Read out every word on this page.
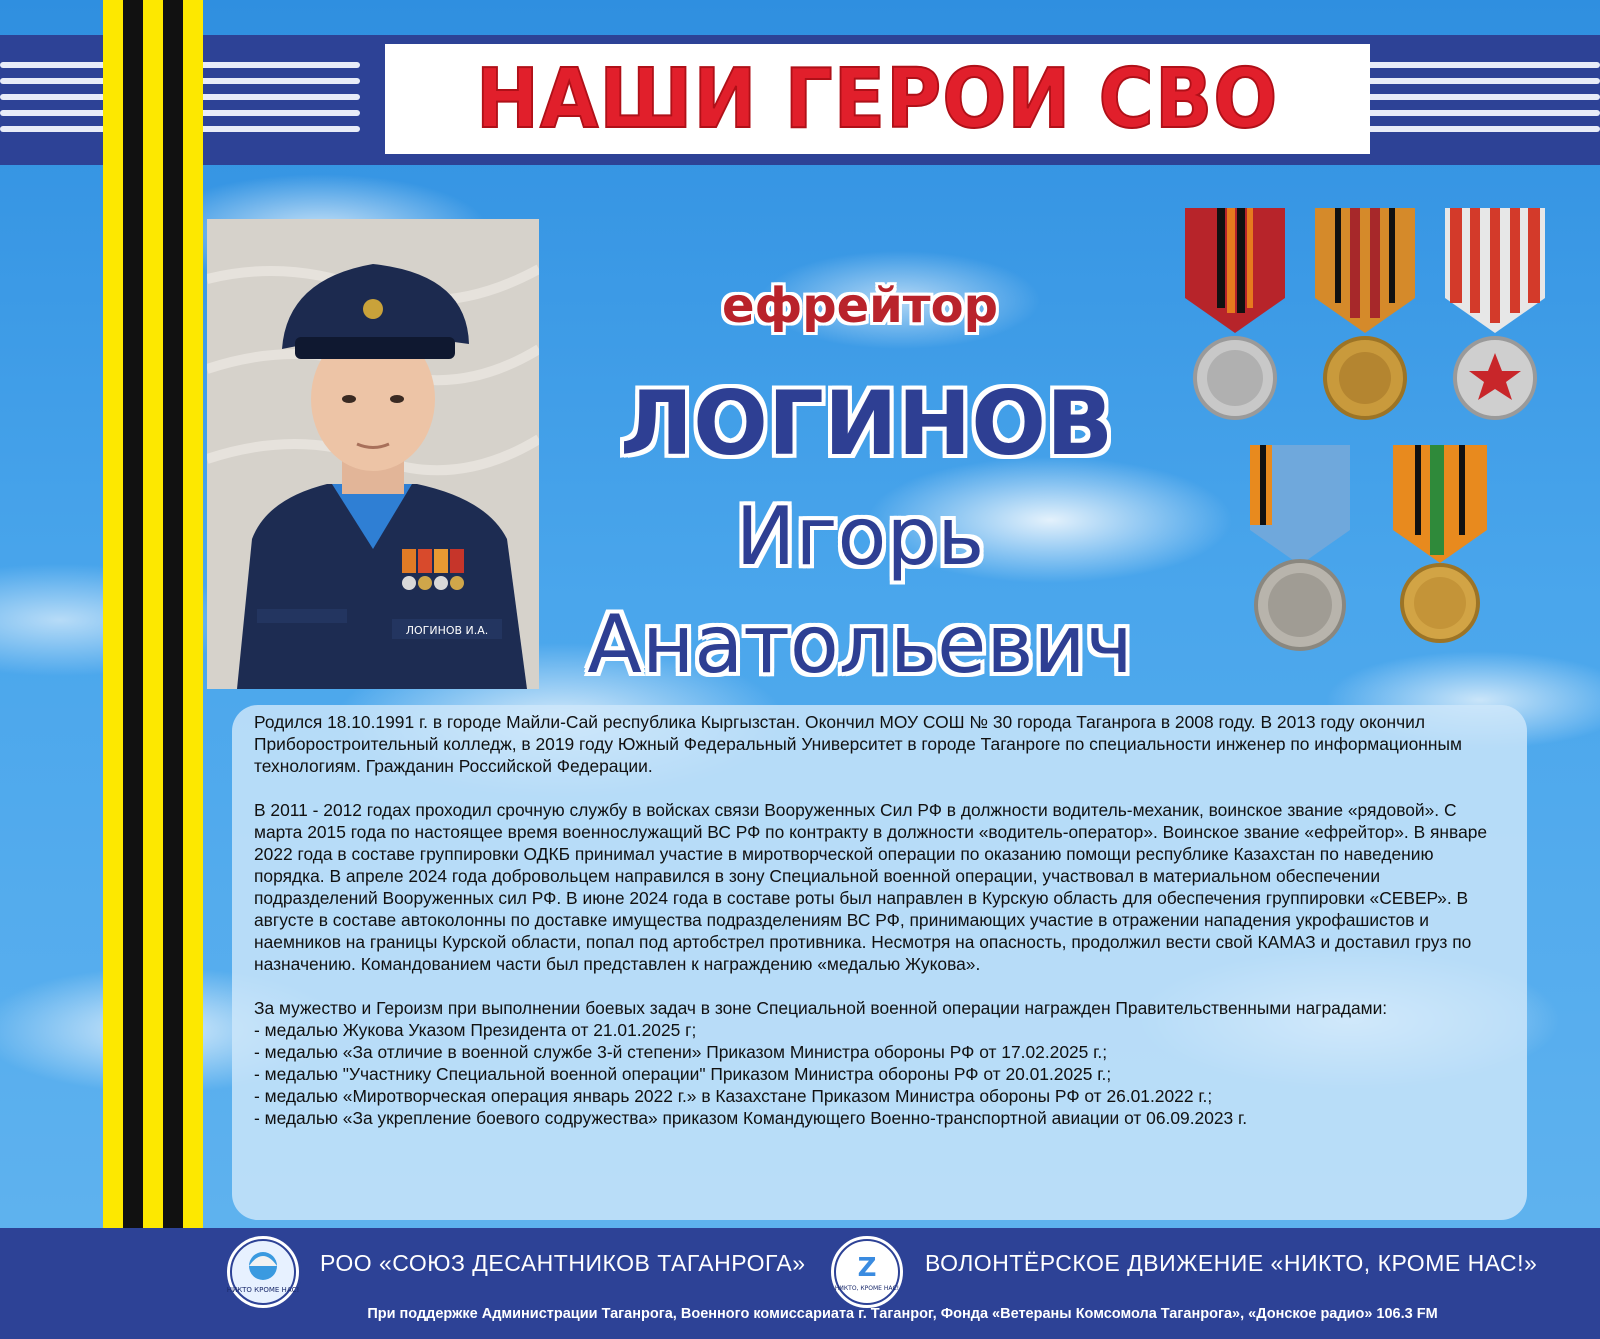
НАШИ ГЕРОИ СВО
ЛОГИНОВ И.А.
ефрейтор
ЛОГИНОВ
Игорь
Анатольевич

Родился 18.10.1991 г. в городе Майли-Сай республика Кыргызстан. Окончил МОУ СОШ № 30 города Таганрога в 2008 году. В 2013 году окончил Приборостроительный колледж, в 2019 году Южный Федеральный Университет в городе Таганроге по специальности инженер по информационным технологиям. Гражданин Российской Федерации.

В 2011 - 2012 годах проходил срочную службу в войсках связи Вооруженных Сил РФ в должности водитель-механик, воинское звание «рядовой». С марта 2015 года по настоящее время военнослужащий ВС РФ по контракту в должности «водитель-оператор». Воинское звание «ефрейтор». В январе 2022 года в составе группировки ОДКБ принимал участие в миротворческой операции по оказанию помощи республике Казахстан по наведению порядка. В апреле 2024 года добровольцем направился в зону Специальной военной операции, участвовал в материальном обеспечении подразделений Вооруженных сил РФ. В июне 2024 года в составе роты был направлен в Курскую область для обеспечения группировки «СЕВЕР». В августе в составе автоколонны по доставке имущества подразделениям ВС РФ, принимающих участие в отражении нападения укрофашистов и наемников на границы Курской области, попал под артобстрел противника. Несмотря на опасность, продолжил вести свой КАМАЗ и доставил груз по назначению. Командованием части был представлен к награждению «медалью Жукова».

За мужество и Героизм при выполнении боевых задач в зоне Специальной военной операции награжден Правительственными наградами:

- медалью Жукова Указом Президента от 21.01.2025 г;
- медалью «За отличие в военной службе 3-й степени» Приказом Министра обороны РФ от 17.02.2025 г.;
- медалью "Участнику Специальной военной операции" Приказом Министра обороны РФ от 20.01.2025 г.;
- медалью «Миротворческая операция январь 2022 г.» в Казахстане Приказом Министра обороны РФ от 26.01.2022 г.;
- медалью «За укрепление боевого содружества» приказом Командующего Военно-транспортной авиации от 06.09.2023 г.
НИКТО КРОМЕ НАС!
РОО «СОЮЗ ДЕСАНТНИКОВ ТАГАНРОГА» Z
НИКТО, КРОМЕ НАС!
ВОЛОНТЁРСКОЕ ДВИЖЕНИЕ «НИКТО, КРОМЕ НАС!»
При поддержке Администрации Таганрога, Военного комиссариата г. Таганрог, Фонда «Ветераны Комсомола Таганрога», «Донское радио» 106.3 FM
